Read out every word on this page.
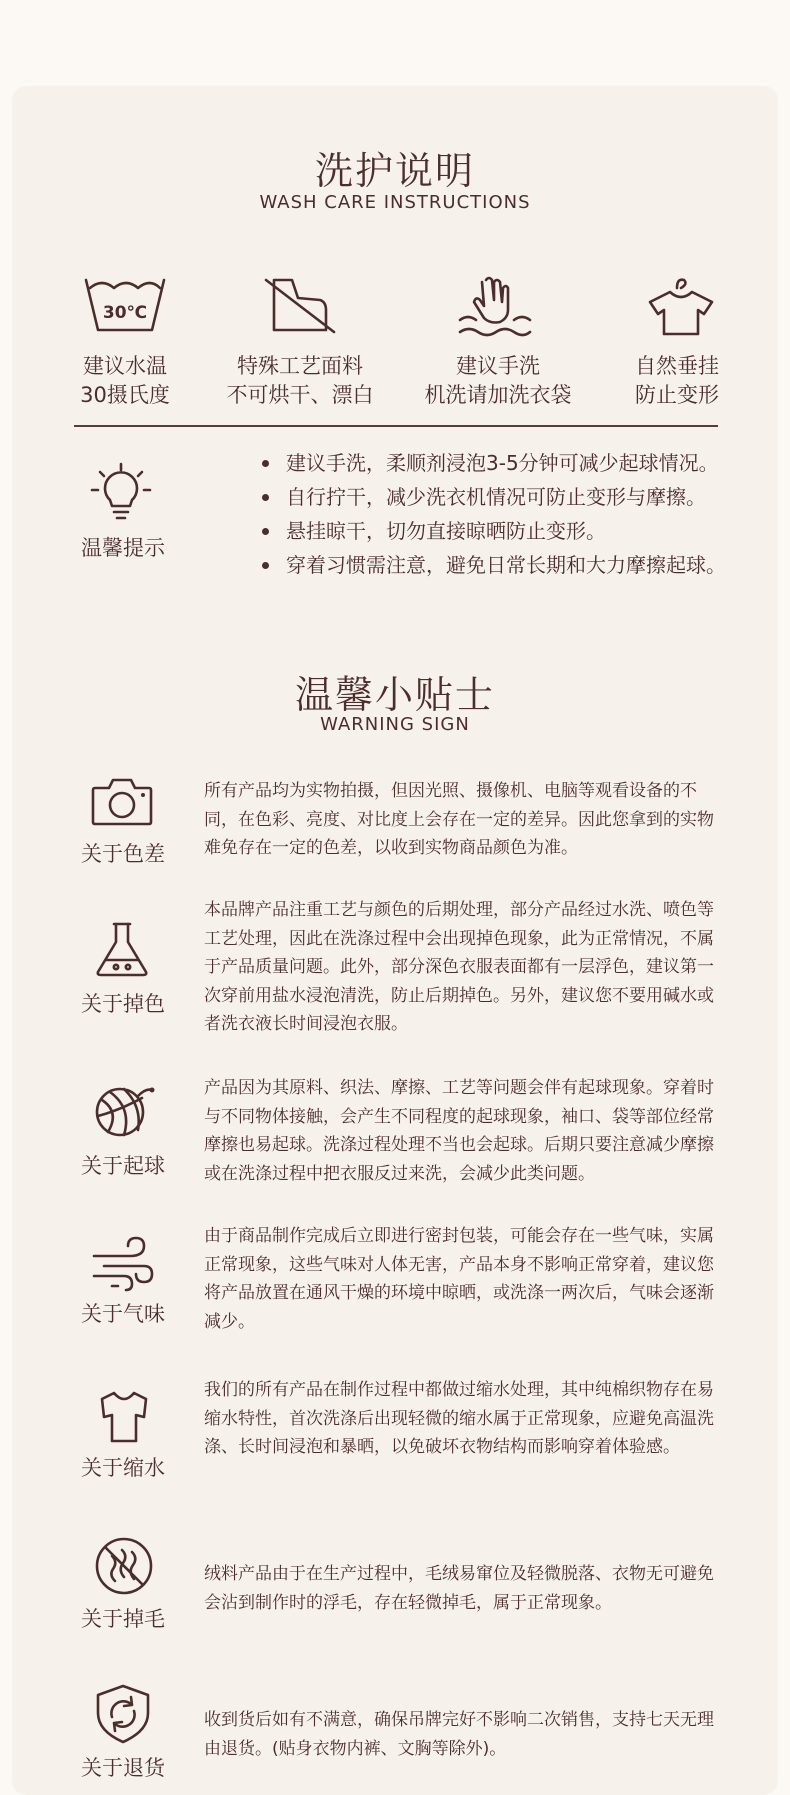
洗护说明
WASH CARE INSTRUCTIONS
30℃
建议水温
30摄氏度
特殊工艺面料
不可烘干、漂白
建议手洗
机洗请加洗衣袋
自然垂挂
防止变形
温馨提示
建议手洗，柔顺剂浸泡3-5分钟可减少起球情况。
自行拧干，减少洗衣机情况可防止变形与摩擦。
悬挂晾干，切勿直接晾晒防止变形。
穿着习惯需注意，避免日常长期和大力摩擦起球。
温馨小贴士
WARNING SIGN
关于色差
所有产品均为实物拍摄，但因光照、摄像机、电脑等观看设备的不同，在色彩、亮度、对比度上会存在一定的差异。因此您拿到的实物难免存在一定的色差，以收到实物商品颜色为准。
关于掉色
本品牌产品注重工艺与颜色的后期处理，部分产品经过水洗、喷色等工艺处理，因此在洗涤过程中会出现掉色现象，此为正常情况，不属于产品质量问题。此外，部分深色衣服表面都有一层浮色，建议第一次穿前用盐水浸泡清洗，防止后期掉色。另外，建议您不要用碱水或者洗衣液长时间浸泡衣服。
关于起球
产品因为其原料、织法、摩擦、工艺等问题会伴有起球现象。穿着时与不同物体接触，会产生不同程度的起球现象，袖口、袋等部位经常摩擦也易起球。洗涤过程处理不当也会起球。后期只要注意减少摩擦或在洗涤过程中把衣服反过来洗，会减少此类问题。
关于气味
由于商品制作完成后立即进行密封包装，可能会存在一些气味，实属正常现象，这些气味对人体无害，产品本身不影响正常穿着，建议您将产品放置在通风干燥的环境中晾晒，或洗涤一两次后，气味会逐渐减少。
关于缩水
我们的所有产品在制作过程中都做过缩水处理，其中纯棉织物存在易缩水特性，首次洗涤后出现轻微的缩水属于正常现象，应避免高温洗涤、长时间浸泡和暴晒，以免破坏衣物结构而影响穿着体验感。
关于掉毛
绒料产品由于在生产过程中，毛绒易窜位及轻微脱落、衣物无可避免会沾到制作时的浮毛，存在轻微掉毛，属于正常现象。
关于退货
收到货后如有不满意，确保吊牌完好不影响二次销售，支持七天无理由退货。(贴身衣物内裤、文胸等除外)。
